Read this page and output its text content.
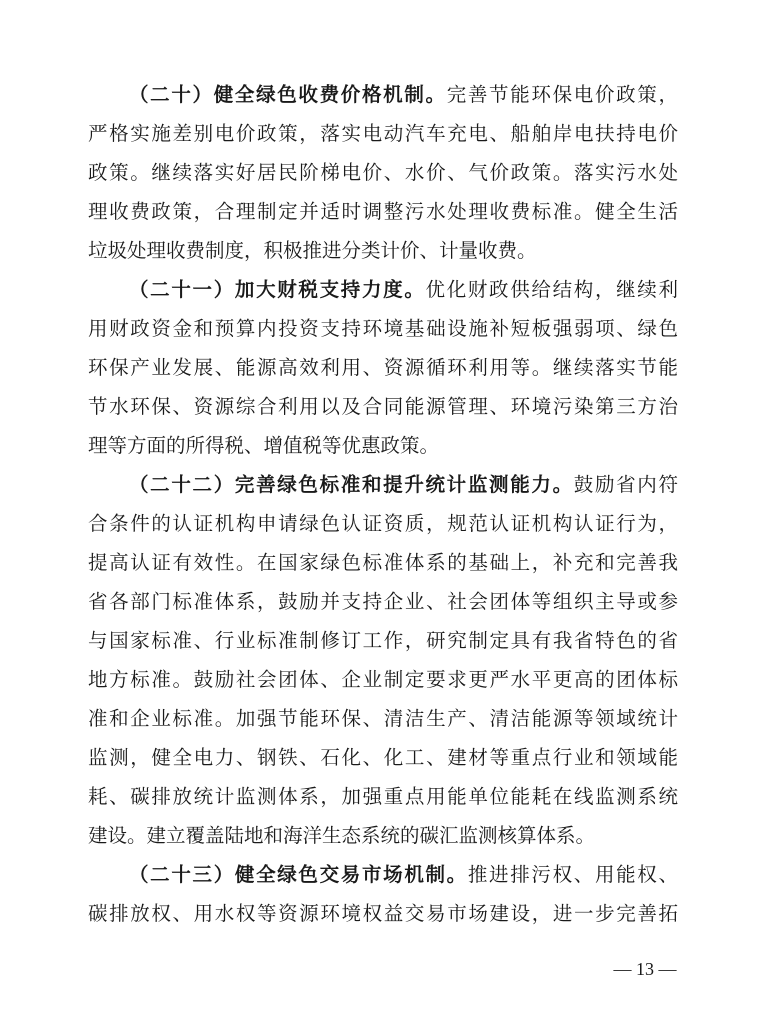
（二十）健全绿色收费价格机制。完善节能环保电价政策，
严格实施差别电价政策，落实电动汽车充电、船舶岸电扶持电价
政策。继续落实好居民阶梯电价、水价、气价政策。落实污水处
理收费政策，合理制定并适时调整污水处理收费标准。健全生活
垃圾处理收费制度，积极推进分类计价、计量收费。
（二十一）加大财税支持力度。优化财政供给结构，继续利
用财政资金和预算内投资支持环境基础设施补短板强弱项、绿色
环保产业发展、能源高效利用、资源循环利用等。继续落实节能
节水环保、资源综合利用以及合同能源管理、环境污染第三方治
理等方面的所得税、增值税等优惠政策。
（二十二）完善绿色标准和提升统计监测能力。鼓励省内符
合条件的认证机构申请绿色认证资质，规范认证机构认证行为，
提高认证有效性。在国家绿色标准体系的基础上，补充和完善我
省各部门标准体系，鼓励并支持企业、社会团体等组织主导或参
与国家标准、行业标准制修订工作，研究制定具有我省特色的省
地方标准。鼓励社会团体、企业制定要求更严水平更高的团体标
准和企业标准。加强节能环保、清洁生产、清洁能源等领域统计
监测，健全电力、钢铁、石化、化工、建材等重点行业和领域能
耗、碳排放统计监测体系，加强重点用能单位能耗在线监测系统
建设。建立覆盖陆地和海洋生态系统的碳汇监测核算体系。
（二十三）健全绿色交易市场机制。推进排污权、用能权、
碳排放权、用水权等资源环境权益交易市场建设，进一步完善拓
— 13 —
